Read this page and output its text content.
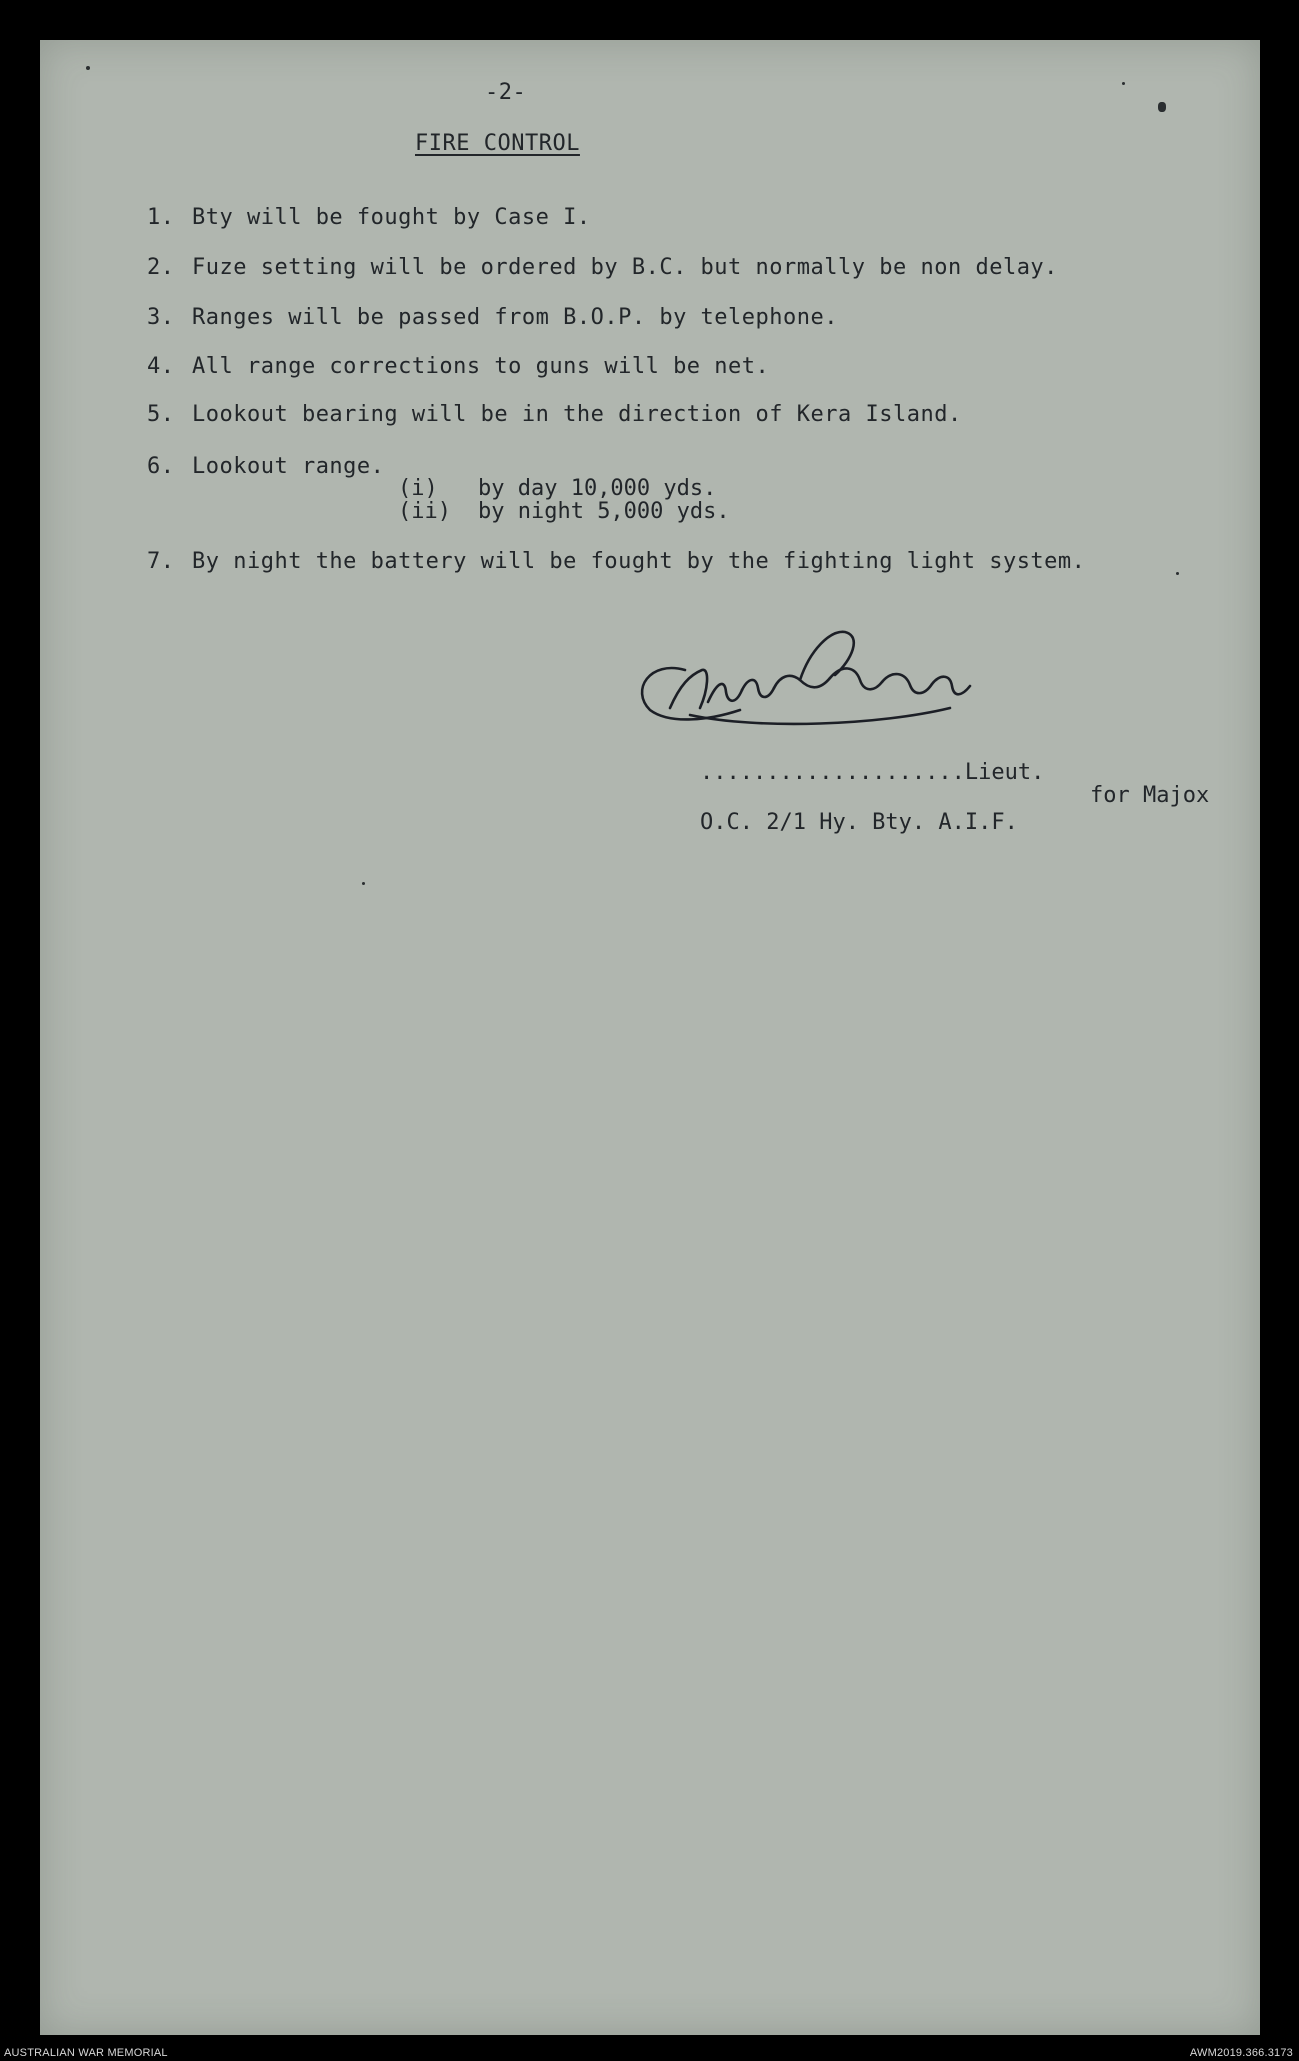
-2-
FIRE CONTROL

1. Bty will be fought by Case I.

2. Fuze setting will be ordered by B.C. but normally be non delay.

3. Ranges will be passed from B.O.P. by telephone.

4. All range corrections to guns will be net.

5. Lookout bearing will be in the direction of Kera Island.

6. Lookout range.

(i) by day 10,000 yds.

(ii) by night 5,000 yds.

7. By night the battery will be fought by the fighting light system.

....................Lieut.
for Majox
O.C. 2/1 Hy. Bty. A.I.F.
AUSTRALIAN WAR MEMORIAL	AWM2019.366.3173
